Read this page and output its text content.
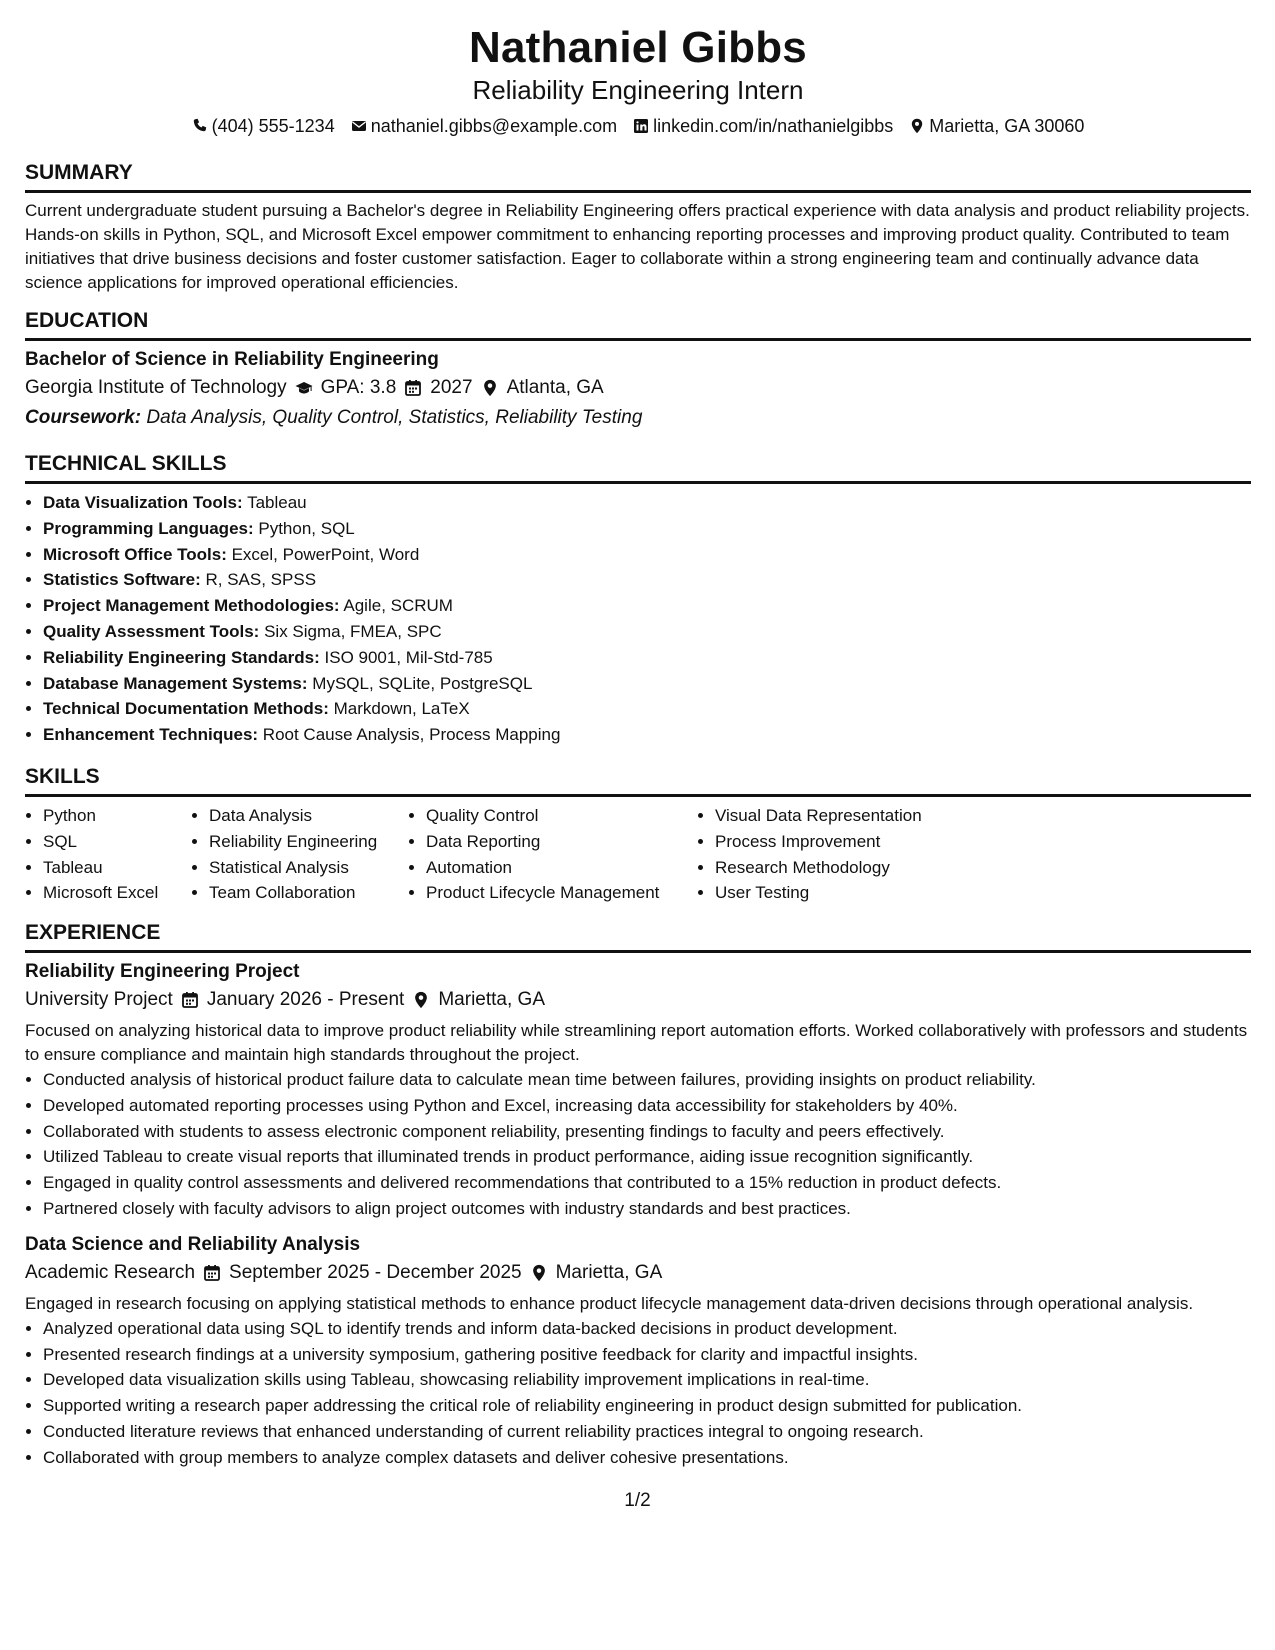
Nathaniel Gibbs
Reliability Engineering Intern
(404) 555-1234 nathaniel.gibbs@example.com linkedin.com/in/nathanielgibbs Marietta, GA 30060
SUMMARY

Current undergraduate student pursuing a Bachelor's degree in Reliability Engineering offers practical experience with data analysis and product reliability projects. Hands-on skills in Python, SQL, and Microsoft Excel empower commitment to enhancing reporting processes and improving product quality. Contributed to team initiatives that drive business decisions and foster customer satisfaction. Eager to collaborate within a strong engineering team and continually advance data science applications for improved operational efficiencies.

EDUCATION
Bachelor of Science in Reliability Engineering
Georgia Institute of Technology GPA: 3.8 2027 Atlanta, GA
Coursework: Data Analysis, Quality Control, Statistics, Reliability Testing
TECHNICAL SKILLS
• Data Visualization Tools: Tableau
• Programming Languages: Python, SQL
• Microsoft Office Tools: Excel, PowerPoint, Word
• Statistics Software: R, SAS, SPSS
• Project Management Methodologies: Agile, SCRUM
• Quality Assessment Tools: Six Sigma, FMEA, SPC
• Reliability Engineering Standards: ISO 9001, Mil-Std-785
• Database Management Systems: MySQL, SQLite, PostgreSQL
• Technical Documentation Methods: Markdown, LaTeX
• Enhancement Techniques: Root Cause Analysis, Process Mapping
SKILLS
• Python
• SQL
• Tableau
• Microsoft Excel
• Data Analysis
• Reliability Engineering
• Statistical Analysis
• Team Collaboration
• Quality Control
• Data Reporting
• Automation
• Product Lifecycle Management
• Visual Data Representation
• Process Improvement
• Research Methodology
• User Testing
EXPERIENCE
Reliability Engineering Project
University Project January 2026 - Present Marietta, GA

Focused on analyzing historical data to improve product reliability while streamlining report automation efforts. Worked collaboratively with professors and students to ensure compliance and maintain high standards throughout the project.

• Conducted analysis of historical product failure data to calculate mean time between failures, providing insights on product reliability.
• Developed automated reporting processes using Python and Excel, increasing data accessibility for stakeholders by 40%.
• Collaborated with students to assess electronic component reliability, presenting findings to faculty and peers effectively.
• Utilized Tableau to create visual reports that illuminated trends in product performance, aiding issue recognition significantly.
• Engaged in quality control assessments and delivered recommendations that contributed to a 15% reduction in product defects.
• Partnered closely with faculty advisors to align project outcomes with industry standards and best practices.
Data Science and Reliability Analysis
Academic Research September 2025 - December 2025 Marietta, GA

Engaged in research focusing on applying statistical methods to enhance product lifecycle management data-driven decisions through operational analysis.

• Analyzed operational data using SQL to identify trends and inform data-backed decisions in product development.
• Presented research findings at a university symposium, gathering positive feedback for clarity and impactful insights.
• Developed data visualization skills using Tableau, showcasing reliability improvement implications in real-time.
• Supported writing a research paper addressing the critical role of reliability engineering in product design submitted for publication.
• Conducted literature reviews that enhanced understanding of current reliability practices integral to ongoing research.
• Collaborated with group members to analyze complex datasets and deliver cohesive presentations.
1/2
